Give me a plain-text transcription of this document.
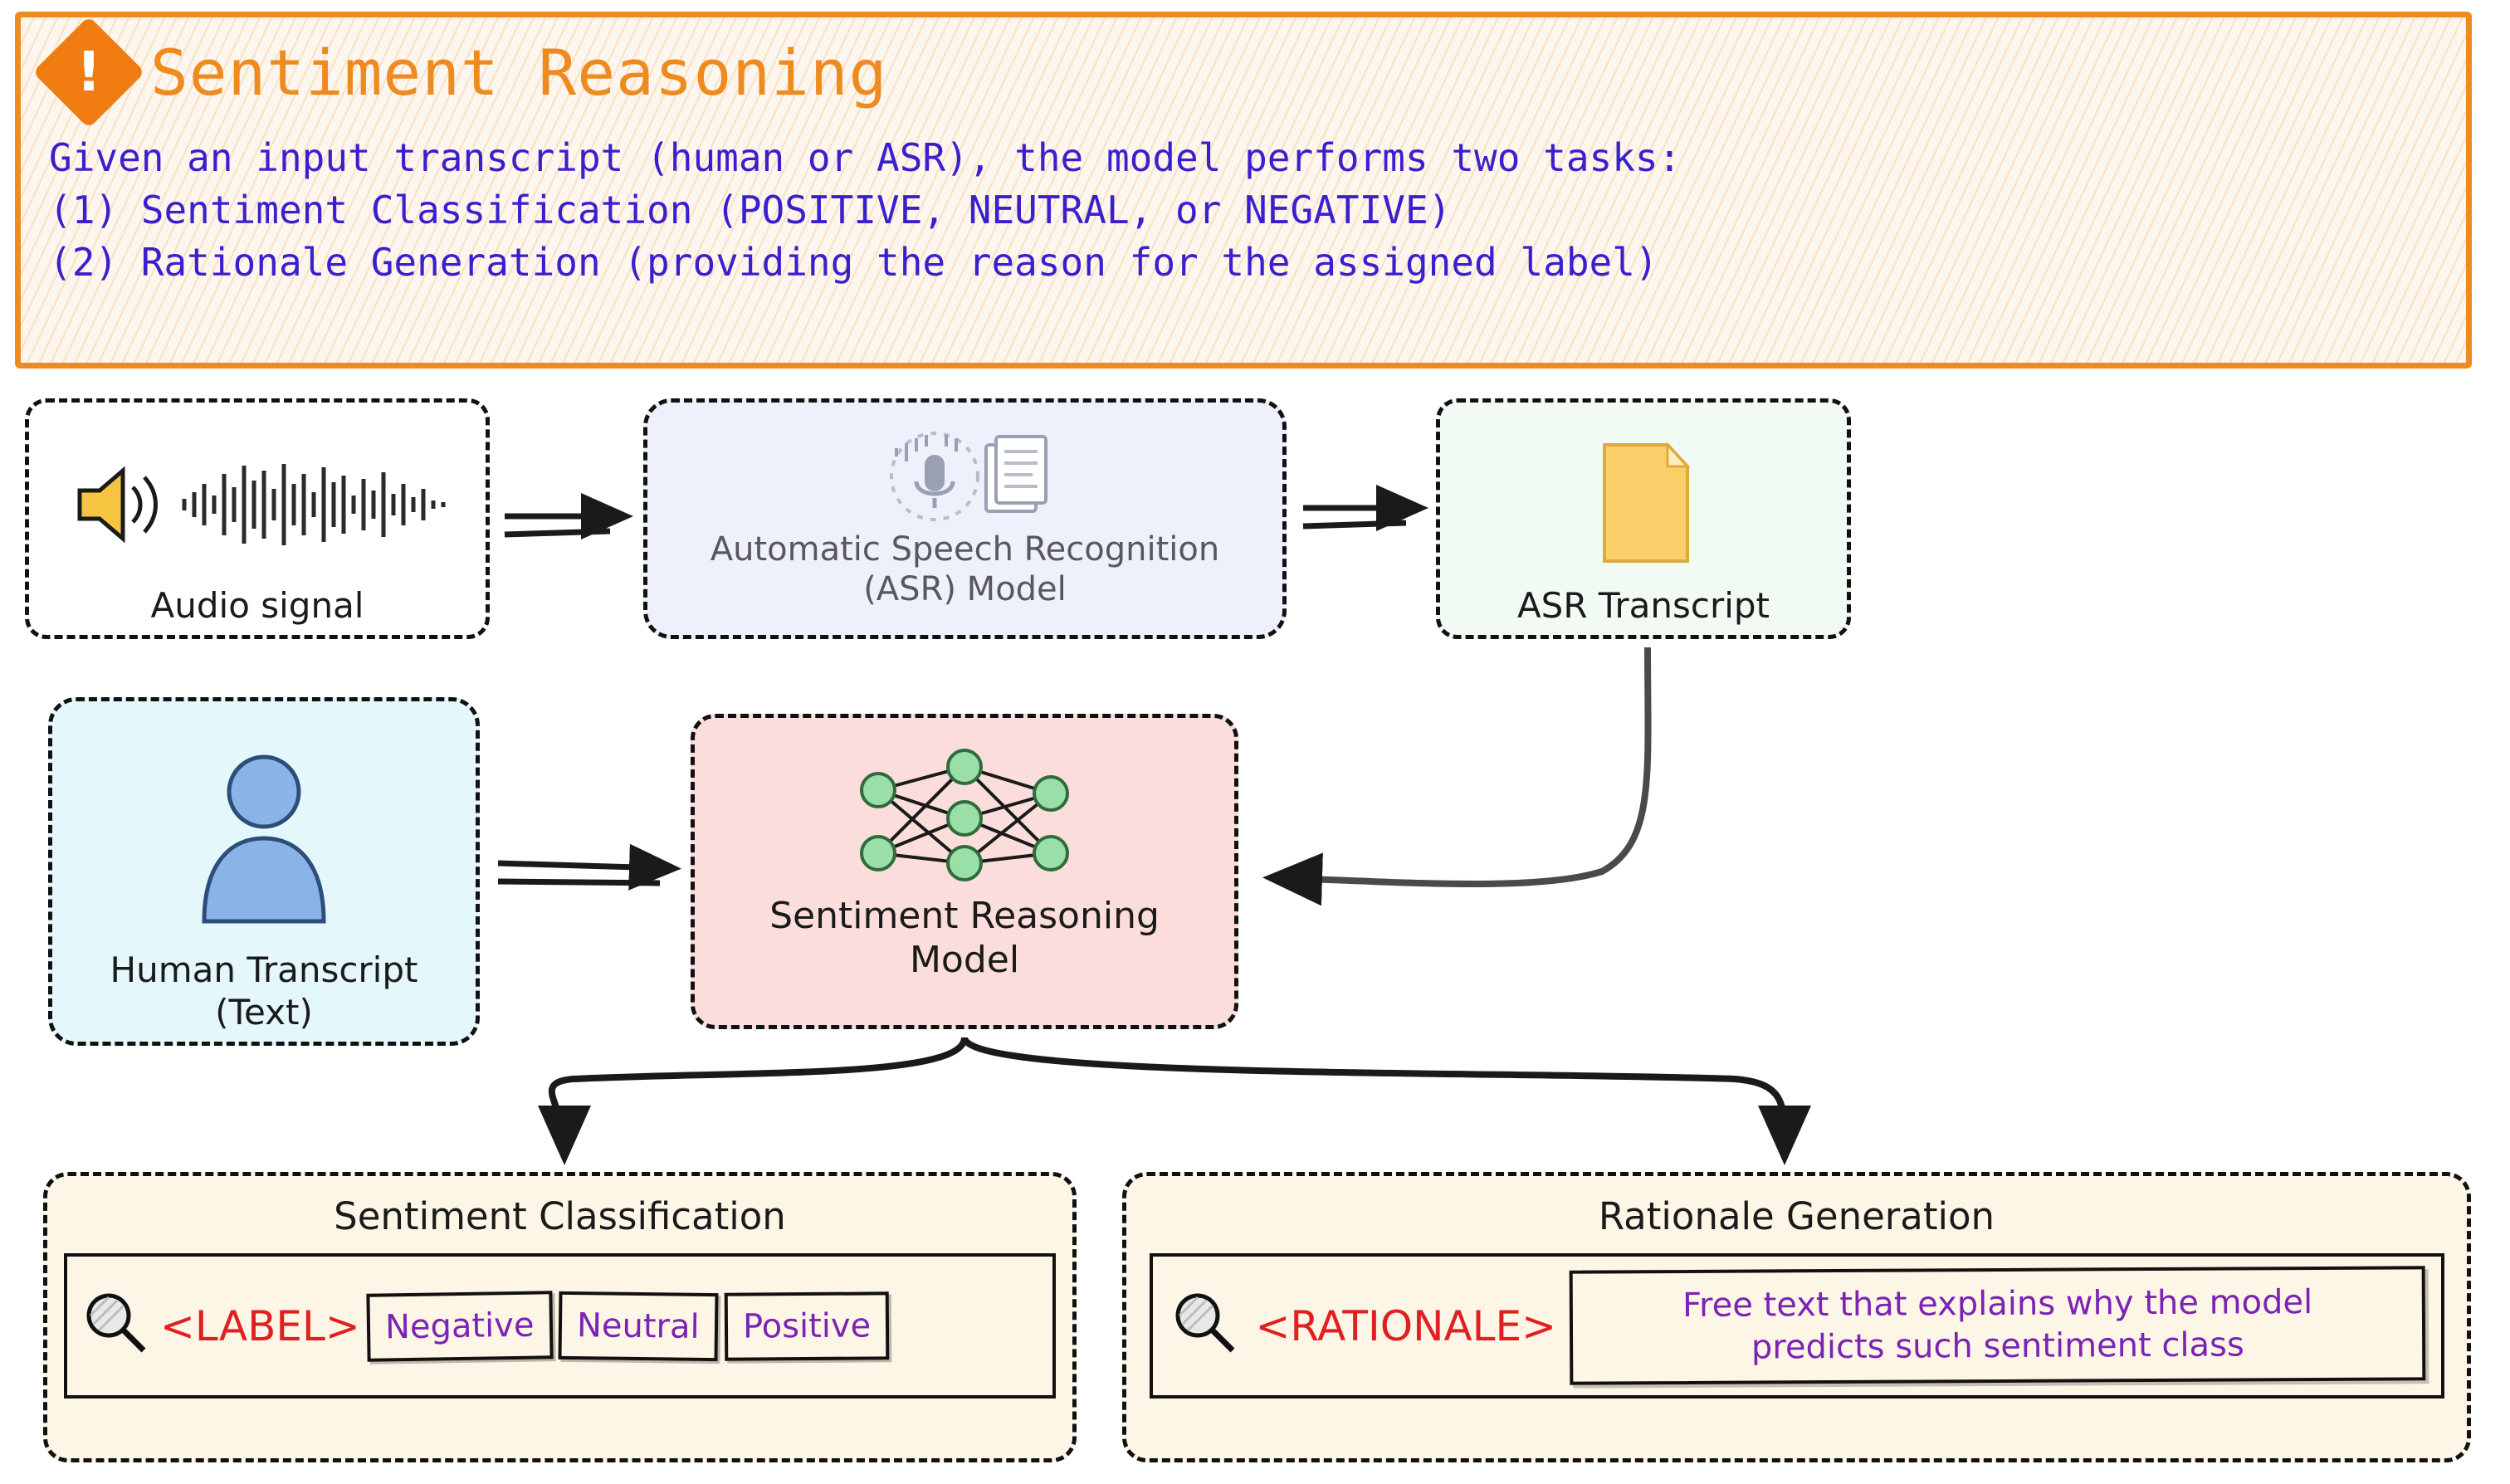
! Sentiment Reasoning
Given an input transcript (human or ASR), the model performs two tasks:
(1) Sentiment Classification (POSITIVE, NEUTRAL, or NEGATIVE)
(2) Rationale Generation (providing the reason for the assigned label)
Audio signal
Automatic Speech Recognition
(ASR) Model	ASR Transcript
Human Transcript
(Text)
Sentiment Reasoning
Model
Sentiment Classification
<LABEL> Negative	Neutral	Positive
Rationale Generation
<RATIONALE>	Free text that explains why the model
predicts such sentiment class
